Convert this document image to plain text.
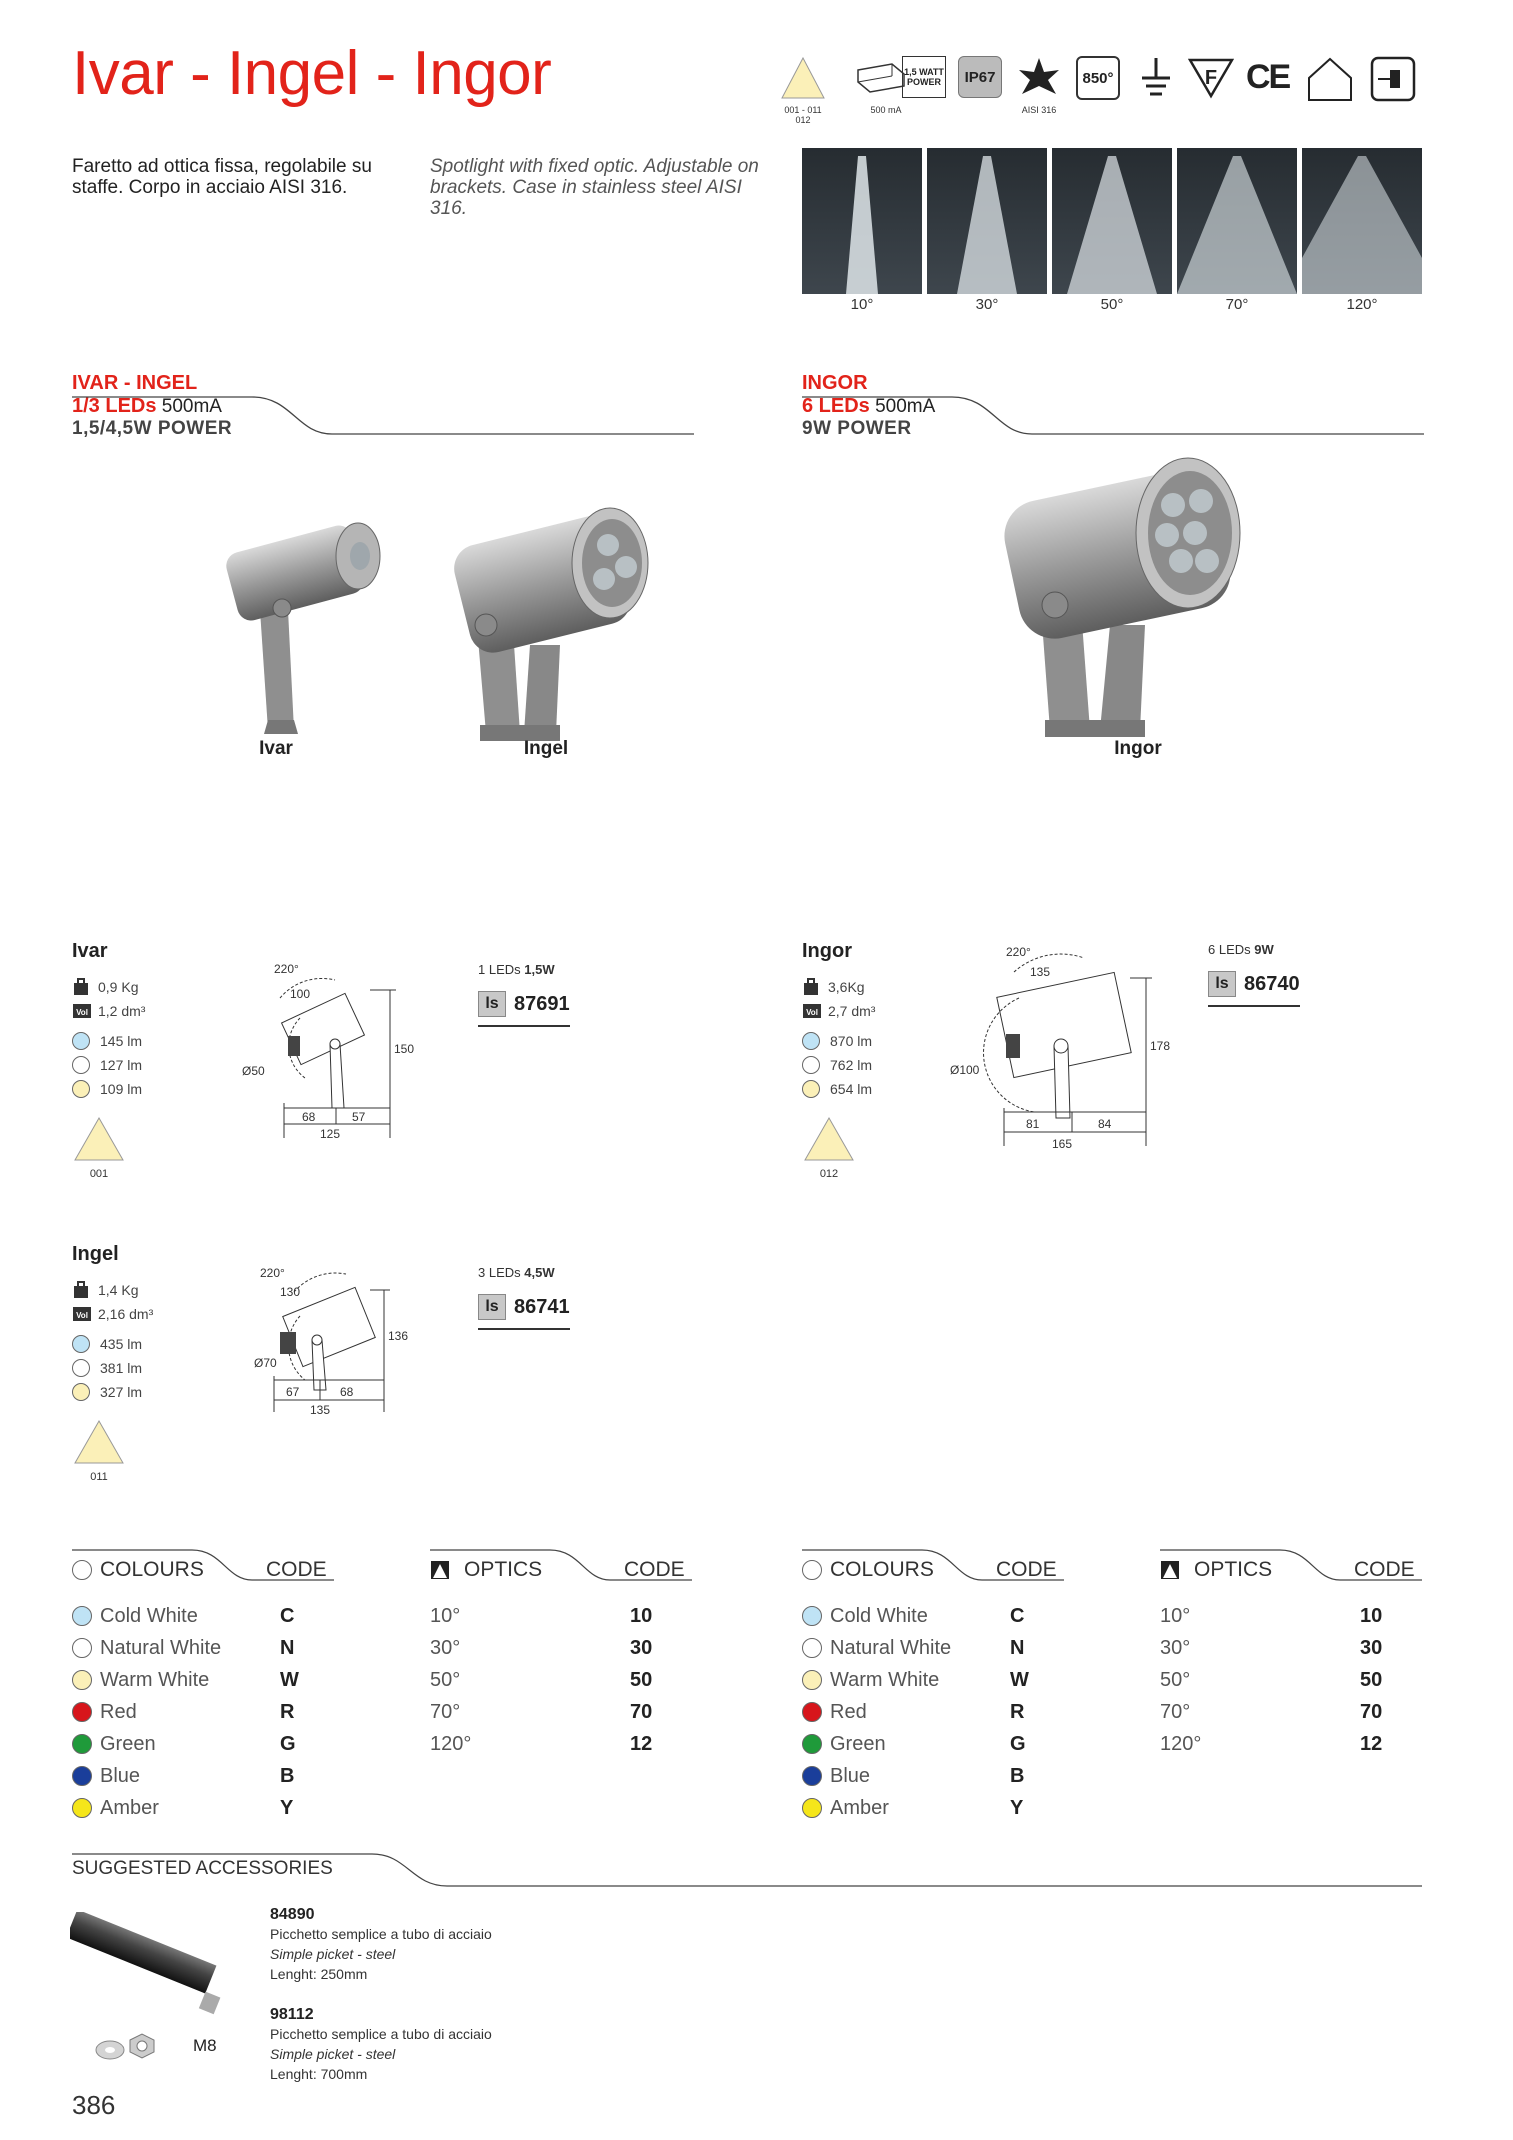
Ivar - Ingel - Ingor
001 - 011 012
500 mA
1,5 WATT POWER	IP67
AISI 316
850°	F CE
Faretto ad ottica fissa, regolabile su staffe. Corpo in acciaio AISI 316.
Spotlight with fixed optic. Adjustable on brackets. Case in stainless steel AISI 316.
10°	30°	50°	70°	120°
IVAR - INGEL
1/3 LEDs 500mA
1,5/4,5W POWER
INGOR
6 LEDs 500mA
9W POWER
Ivar	Ingel	Ingor
Ivar
0,9 Kg
Vol 1,2 dm³
145 lm
127 lm
109 lm
001
220°
100
Ø50
150
68	57
125
1 LEDs 1,5W
ls 87691
Ingel
1,4 Kg
Vol 2,16 dm³
435 lm
381 lm
327 lm
011
220°
130
Ø70
136
67	68
135
3 LEDs 4,5W
ls 86741
Ingor
3,6Kg
Vol 2,7 dm³
870 lm
762 lm
654 lm
012
220°
135
Ø100
178
81	84
165
6 LEDs 9W
ls 86740
COLOURS	CODE
Cold White	C
Natural White	N
Warm White	W
Red	R
Green	G
Blue	B
Amber	Y
OPTICS	CODE
10°	10
30°	30
50°	50
70°	70
120°	12
COLOURS	CODE
Cold White	C
Natural White	N
Warm White	W
Red	R
Green	G
Blue	B
Amber	Y
OPTICS	CODE
10°	10
30°	30
50°	50
70°	70
120°	12
SUGGESTED ACCESSORIES
M8
84890
Picchetto semplice a tubo di acciaio
Simple picket - steel
Lenght: 250mm
98112
Picchetto semplice a tubo di acciaio
Simple picket - steel
Lenght: 700mm
386
